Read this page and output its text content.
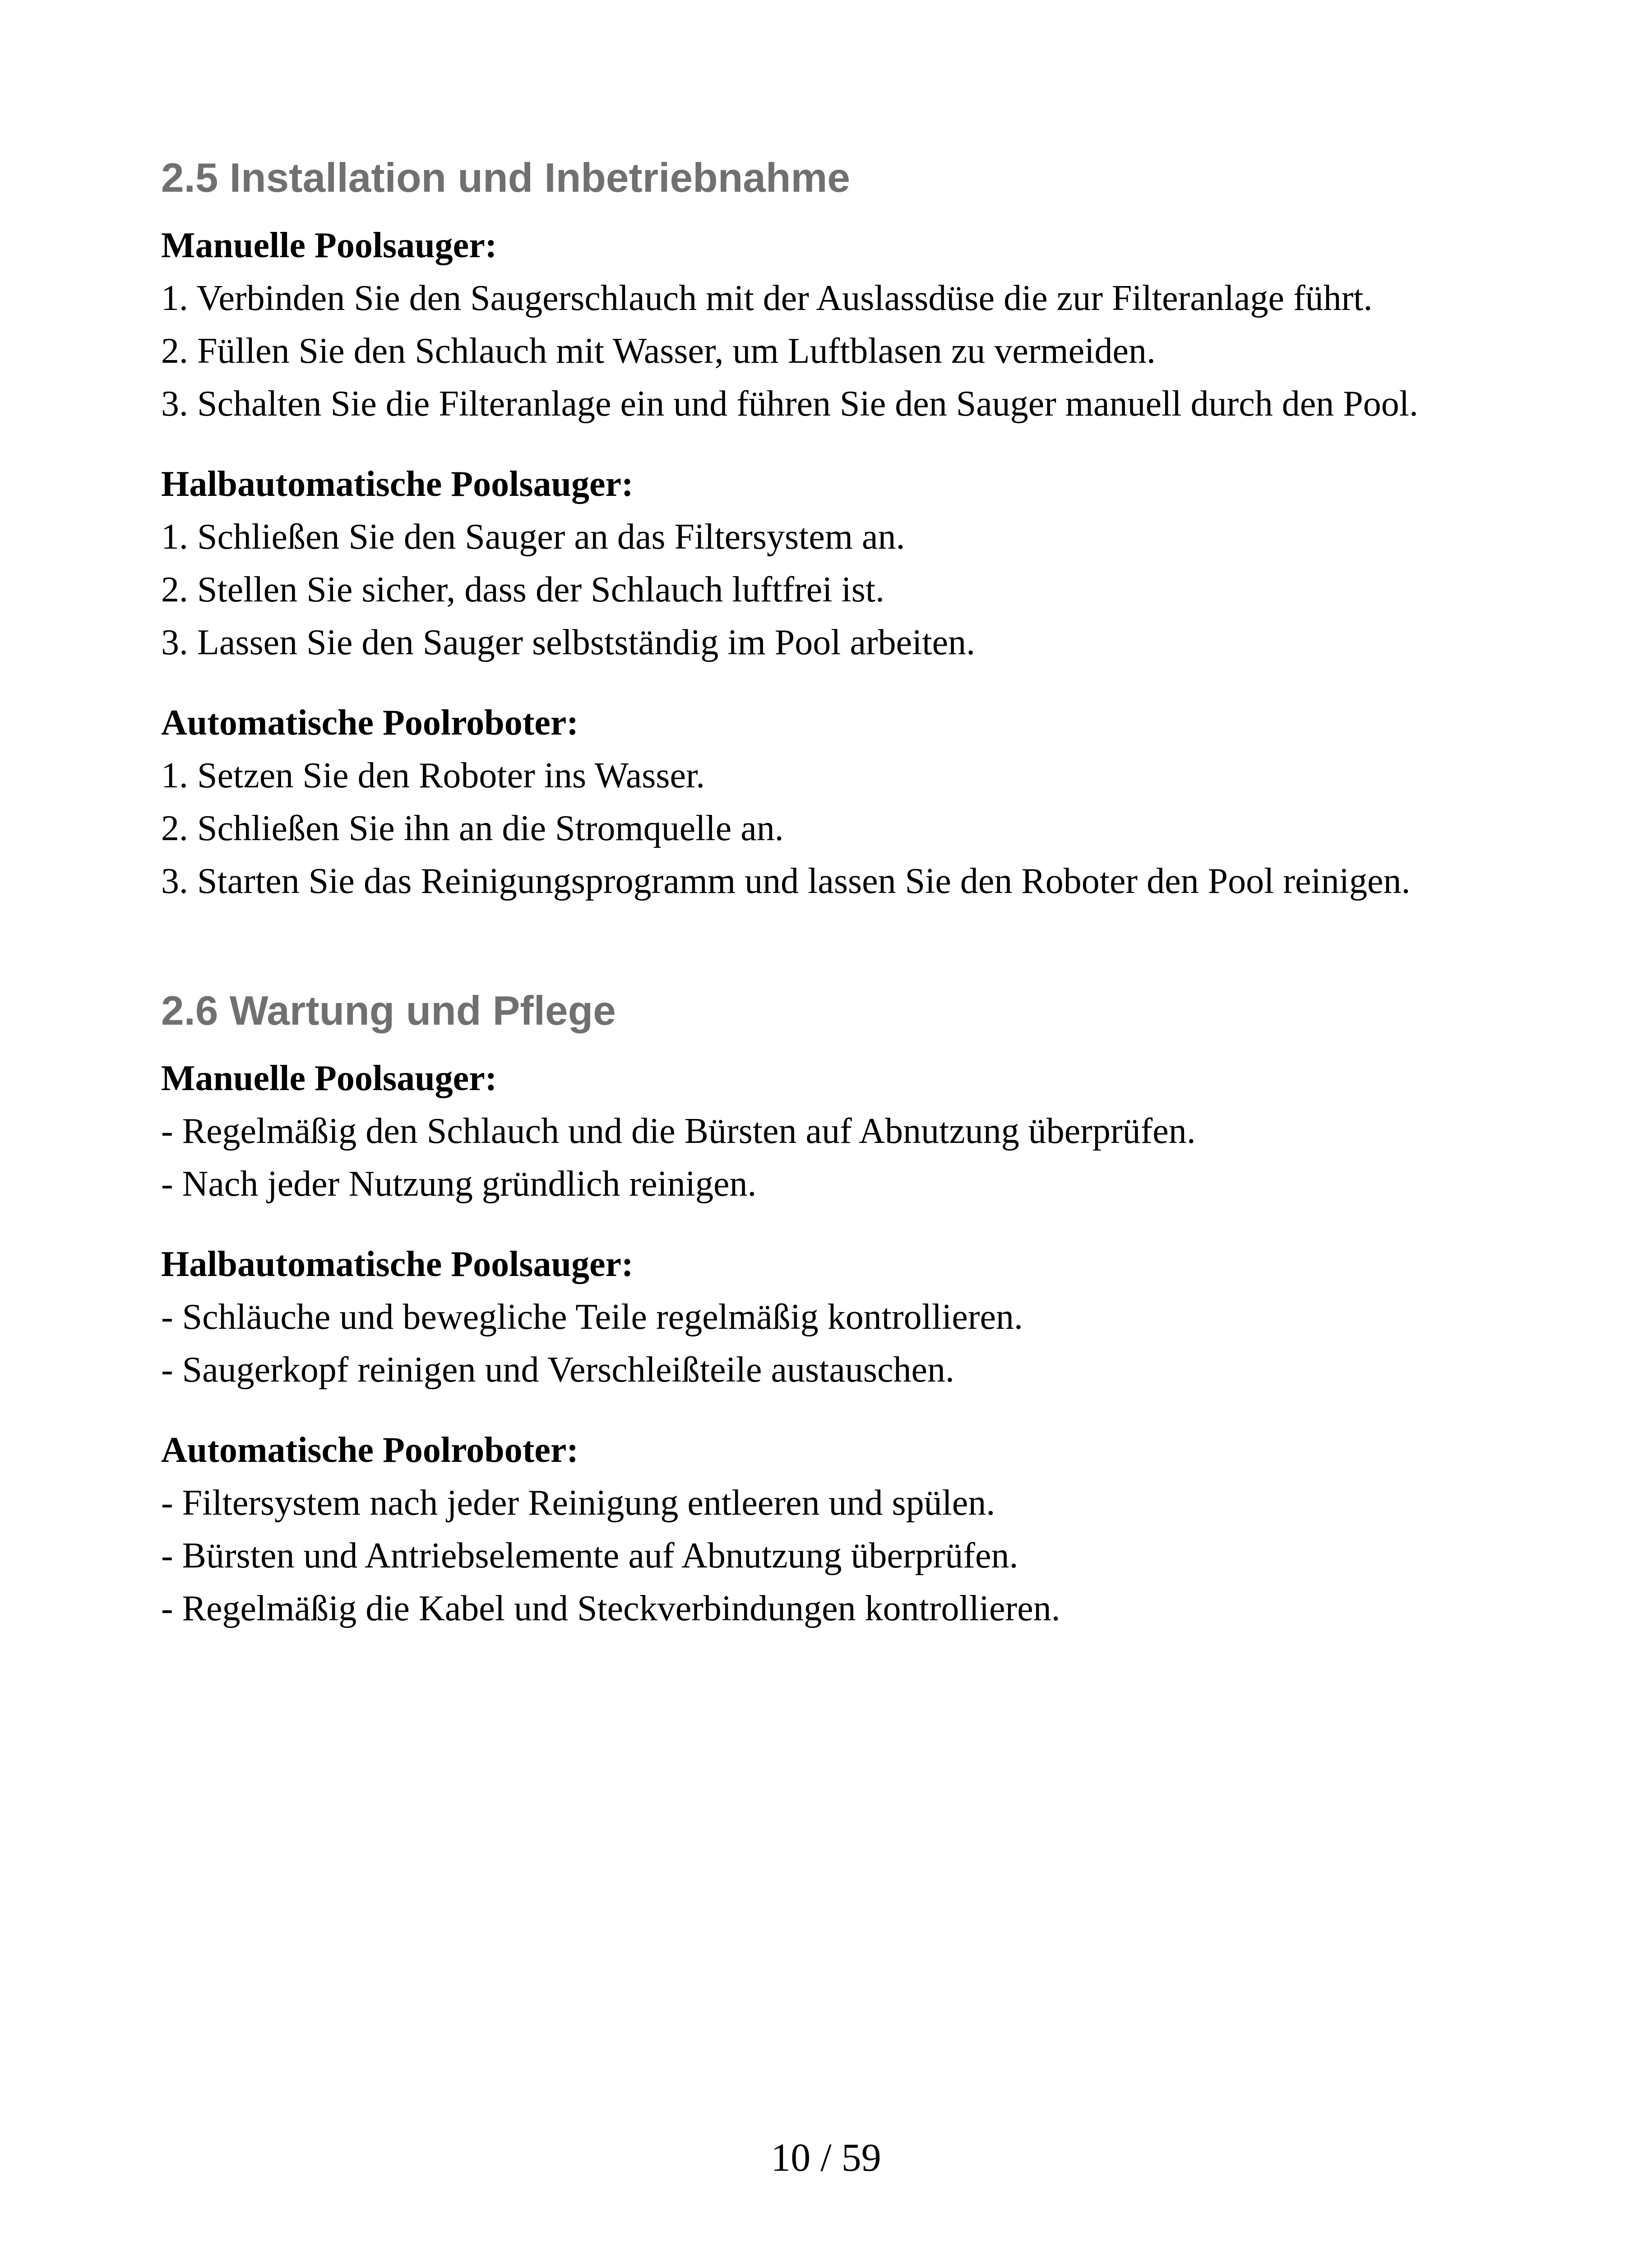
2.5 Installation und Inbetriebnahme

Manuelle Poolsauger:

1. Verbinden Sie den Saugerschlauch mit der Auslassdüse die zur Filteranlage führt.

2. Füllen Sie den Schlauch mit Wasser, um Luftblasen zu vermeiden.

3. Schalten Sie die Filteranlage ein und führen Sie den Sauger manuell durch den Pool.

Halbautomatische Poolsauger:

1. Schließen Sie den Sauger an das Filtersystem an.

2. Stellen Sie sicher, dass der Schlauch luftfrei ist.

3. Lassen Sie den Sauger selbstständig im Pool arbeiten.

Automatische Poolroboter:

1. Setzen Sie den Roboter ins Wasser.

2. Schließen Sie ihn an die Stromquelle an.

3. Starten Sie das Reinigungsprogramm und lassen Sie den Roboter den Pool reinigen.

2.6 Wartung und Pflege

Manuelle Poolsauger:

- Regelmäßig den Schlauch und die Bürsten auf Abnutzung überprüfen.

- Nach jeder Nutzung gründlich reinigen.

Halbautomatische Poolsauger:

- Schläuche und bewegliche Teile regelmäßig kontrollieren.

- Saugerkopf reinigen und Verschleißteile austauschen.

Automatische Poolroboter:

- Filtersystem nach jeder Reinigung entleeren und spülen.

- Bürsten und Antriebselemente auf Abnutzung überprüfen.

- Regelmäßig die Kabel und Steckverbindungen kontrollieren.

10 / 59
